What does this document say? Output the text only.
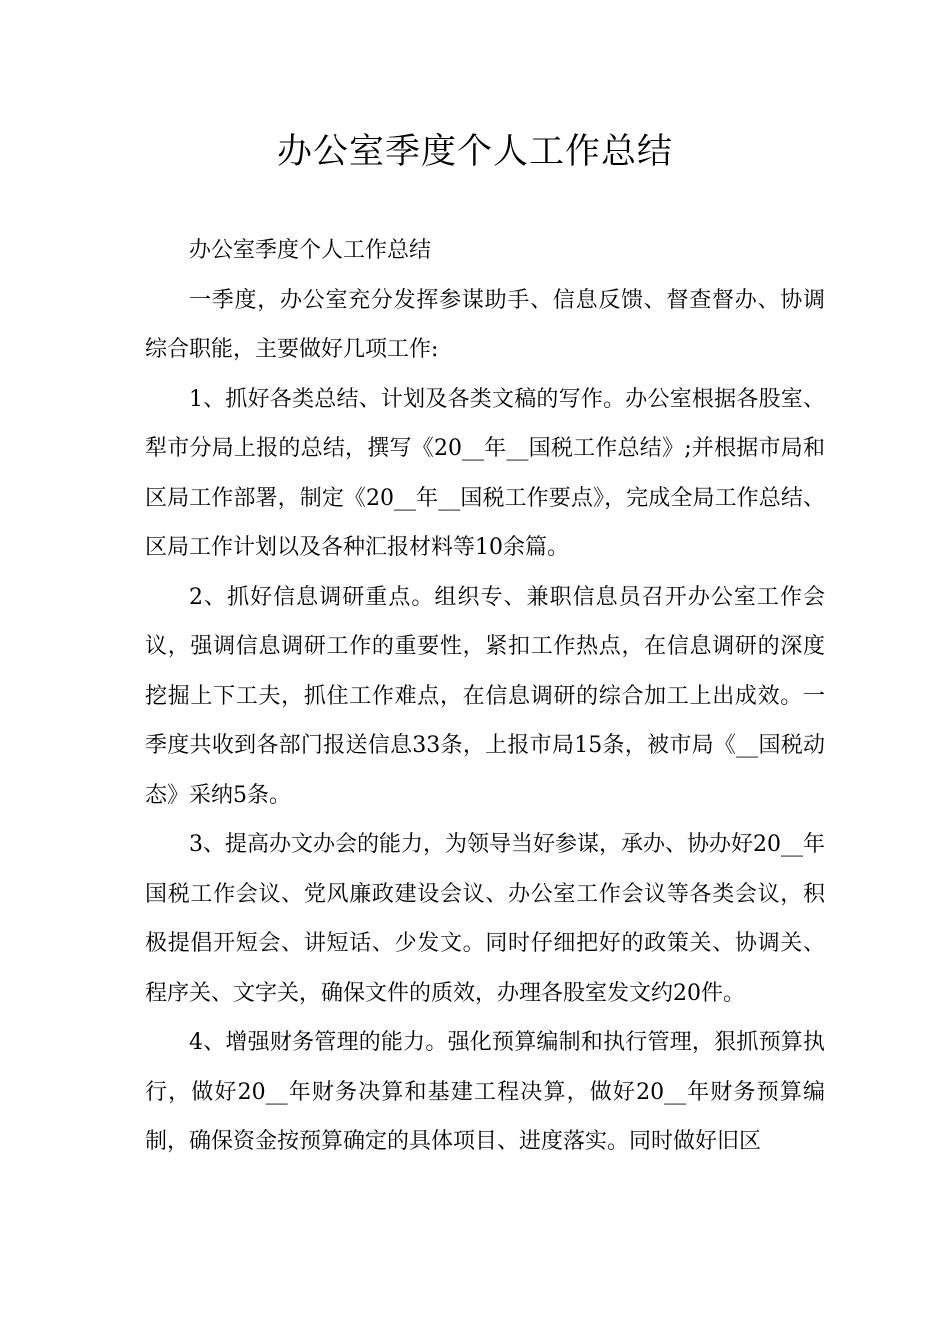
办公室季度个人工作总结

办公室季度个人工作总结

一季度，办公室充分发挥参谋助手、信息反馈、督查督办、协调综合职能，主要做好几项工作:

1、抓好各类总结、计划及各类文稿的写作。办公室根据各股室、犁市分局上报的总结，撰写《20__年__国税工作总结》;并根据市局和区局工作部署，制定《20__年__国税工作要点》，完成全局工作总结、区局工作计划以及各种汇报材料等10余篇。

2、抓好信息调研重点。组织专、兼职信息员召开办公室工作会议，强调信息调研工作的重要性，紧扣工作热点，在信息调研的深度挖掘上下工夫，抓住工作难点，在信息调研的综合加工上出成效。一季度共收到各部门报送信息33条，上报市局15条，被市局《__国税动态》采纳5条。

3、提高办文办会的能力，为领导当好参谋，承办、协办好20__年国税工作会议、党风廉政建设会议、办公室工作会议等各类会议，积极提倡开短会、讲短话、少发文。同时仔细把好的政策关、协调关、程序关、文字关，确保文件的质效，办理各股室发文约20件。

4、增强财务管理的能力。强化预算编制和执行管理，狠抓预算执行，做好20__年财务决算和基建工程决算，做好20__年财务预算编制，确保资金按预算确定的具体项目、进度落实。同时做好旧区
